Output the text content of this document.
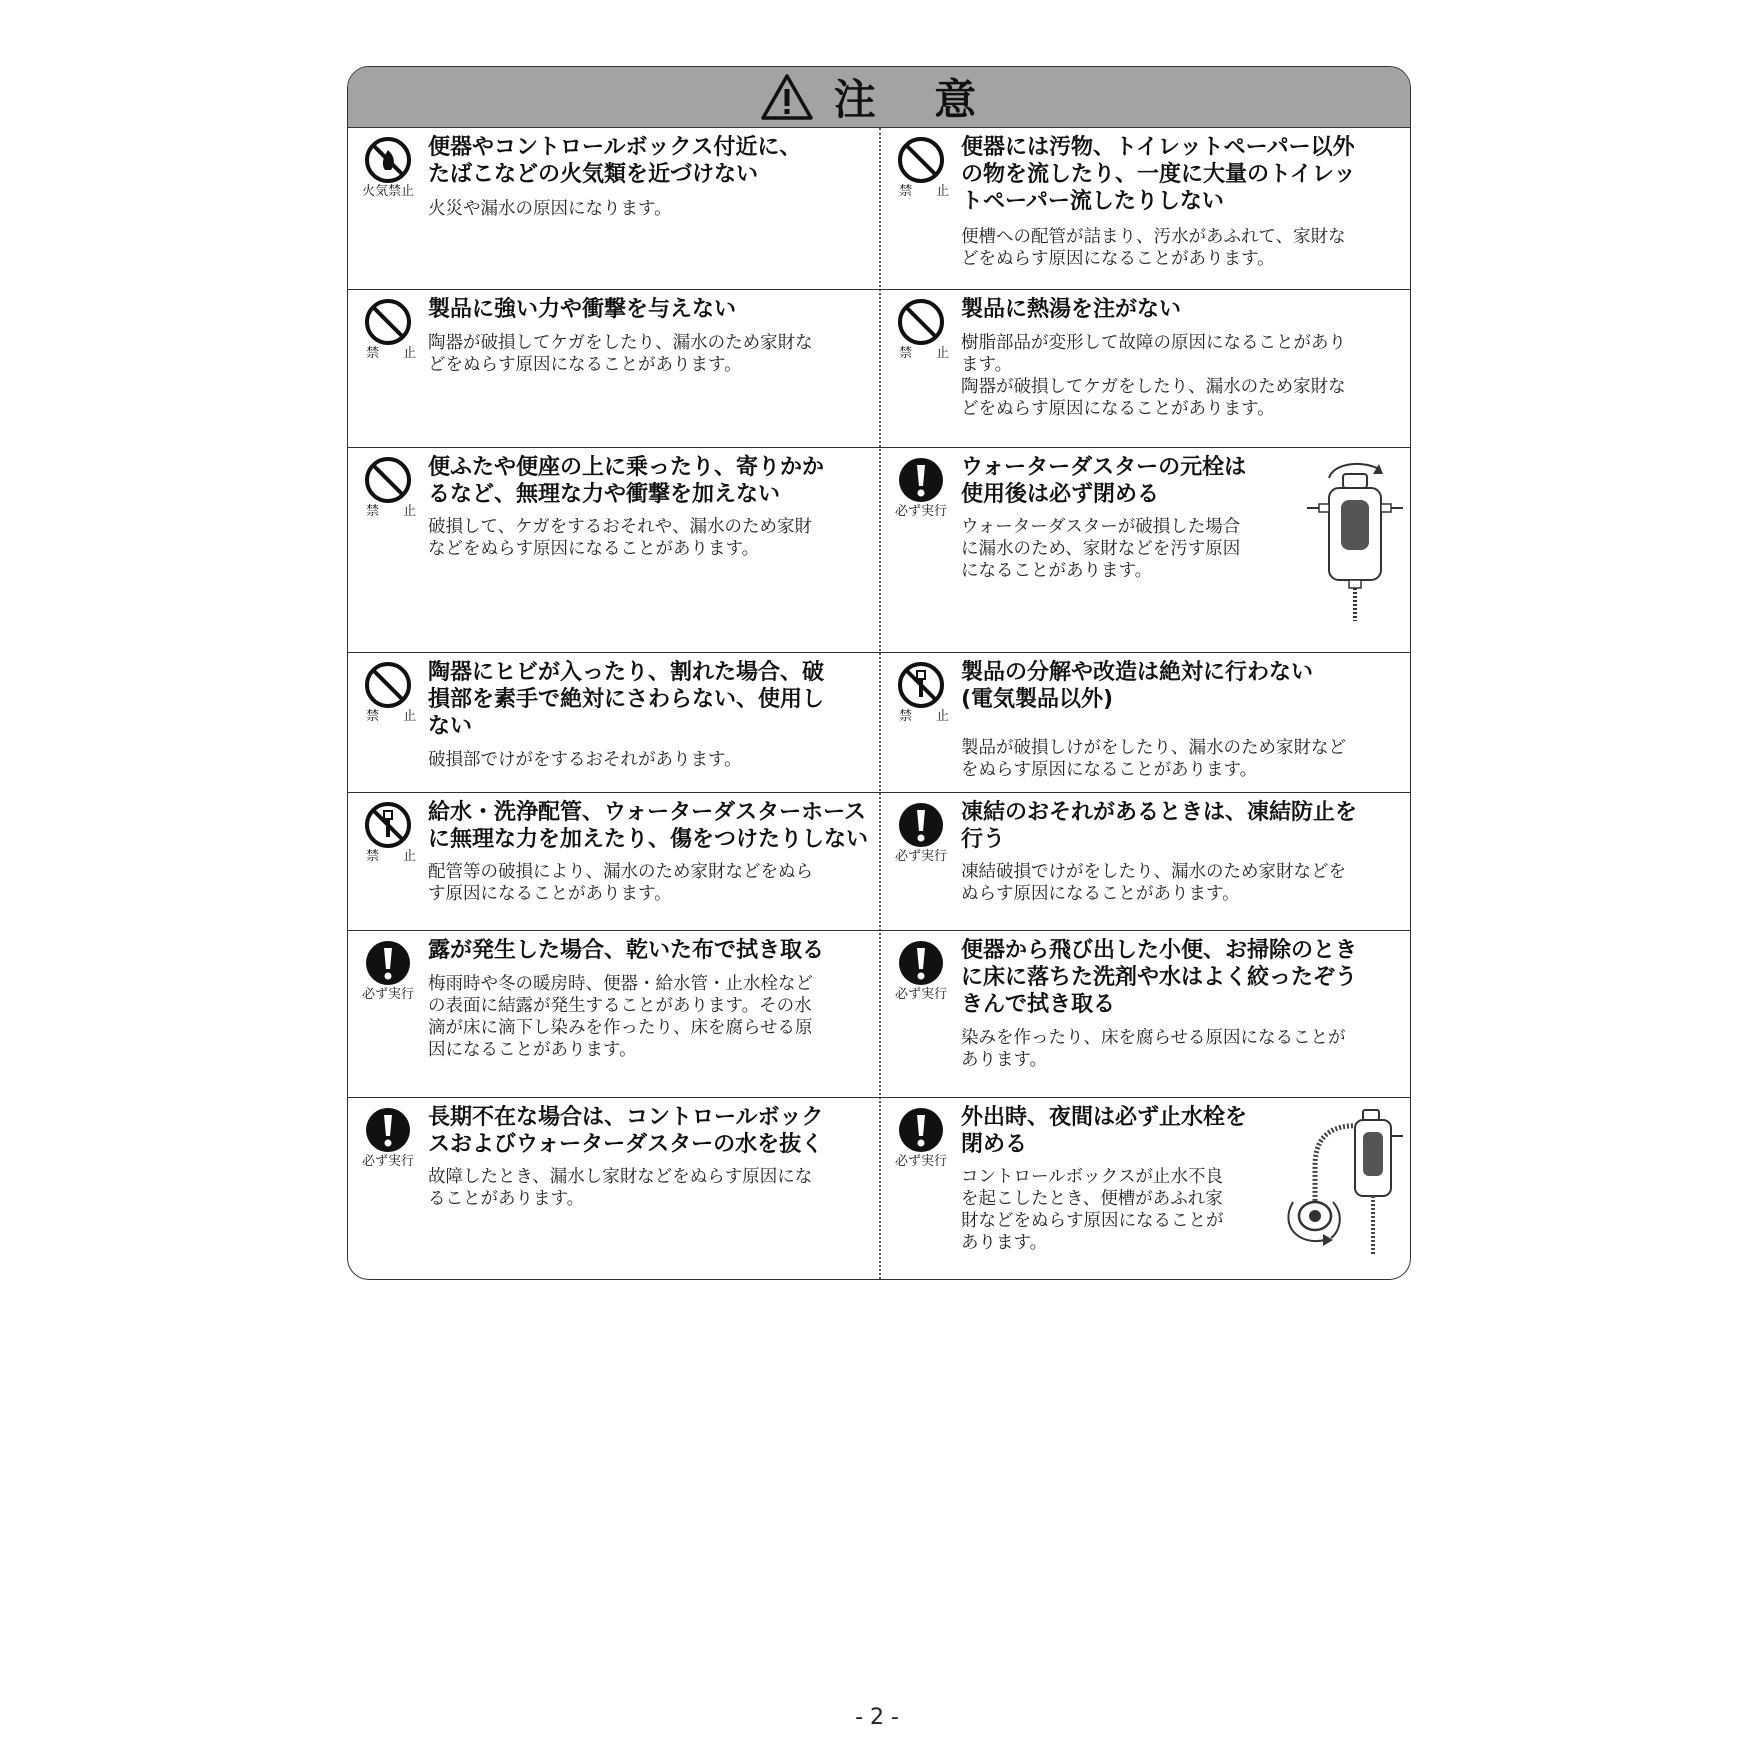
注 意
火気禁止
便器やコントロールボックス付近に、
たばこなどの火気類を近づけない
火災や漏水の原因になります。
禁 止
便器には汚物、トイレットペーパー以外
の物を流したり、一度に大量のトイレッ
トペーパー流したりしない
便槽への配管が詰まり、汚水があふれて、家財な
どをぬらす原因になることがあります。
禁 止
製品に強い力や衝撃を与えない
陶器が破損してケガをしたり、漏水のため家財な
どをぬらす原因になることがあります。
禁 止
製品に熱湯を注がない
樹脂部品が変形して故障の原因になることがあり
ます。
陶器が破損してケガをしたり、漏水のため家財な
どをぬらす原因になることがあります。
禁 止
便ふたや便座の上に乗ったり、寄りかか
るなど、無理な力や衝撃を加えない
破損して、ケガをするおそれや、漏水のため家財
などをぬらす原因になることがあります。
必ず実行
ウォーターダスターの元栓は
使用後は必ず閉める
ウォーターダスターが破損した場合
に漏水のため、家財などを汚す原因
になることがあります。
禁 止
陶器にヒビが入ったり、割れた場合、破
損部を素手で絶対にさわらない、使用し
ない
破損部でけがをするおそれがあります。
禁 止
製品の分解や改造は絶対に行わない
(電気製品以外)
製品が破損しけがをしたり、漏水のため家財など
をぬらす原因になることがあります。
禁 止
給水・洗浄配管、ウォーターダスターホース
に無理な力を加えたり、傷をつけたりしない
配管等の破損により、漏水のため家財などをぬら
す原因になることがあります。
必ず実行
凍結のおそれがあるときは、凍結防止を
行う
凍結破損でけがをしたり、漏水のため家財などを
ぬらす原因になることがあります。
必ず実行
露が発生した場合、乾いた布で拭き取る
梅雨時や冬の暖房時、便器・給水管・止水栓など
の表面に結露が発生することがあります。その水
滴が床に滴下し染みを作ったり、床を腐らせる原
因になることがあります。
必ず実行
便器から飛び出した小便、お掃除のとき
に床に落ちた洗剤や水はよく絞ったぞう
きんで拭き取る
染みを作ったり、床を腐らせる原因になることが
あります。
必ず実行
長期不在な場合は、コントロールボック
スおよびウォーターダスターの水を抜く
故障したとき、漏水し家財などをぬらす原因にな
ることがあります。
必ず実行
外出時、夜間は必ず止水栓を
閉める
コントロールボックスが止水不良
を起こしたとき、便槽があふれ家
財などをぬらす原因になることが
あります。
- 2 -
